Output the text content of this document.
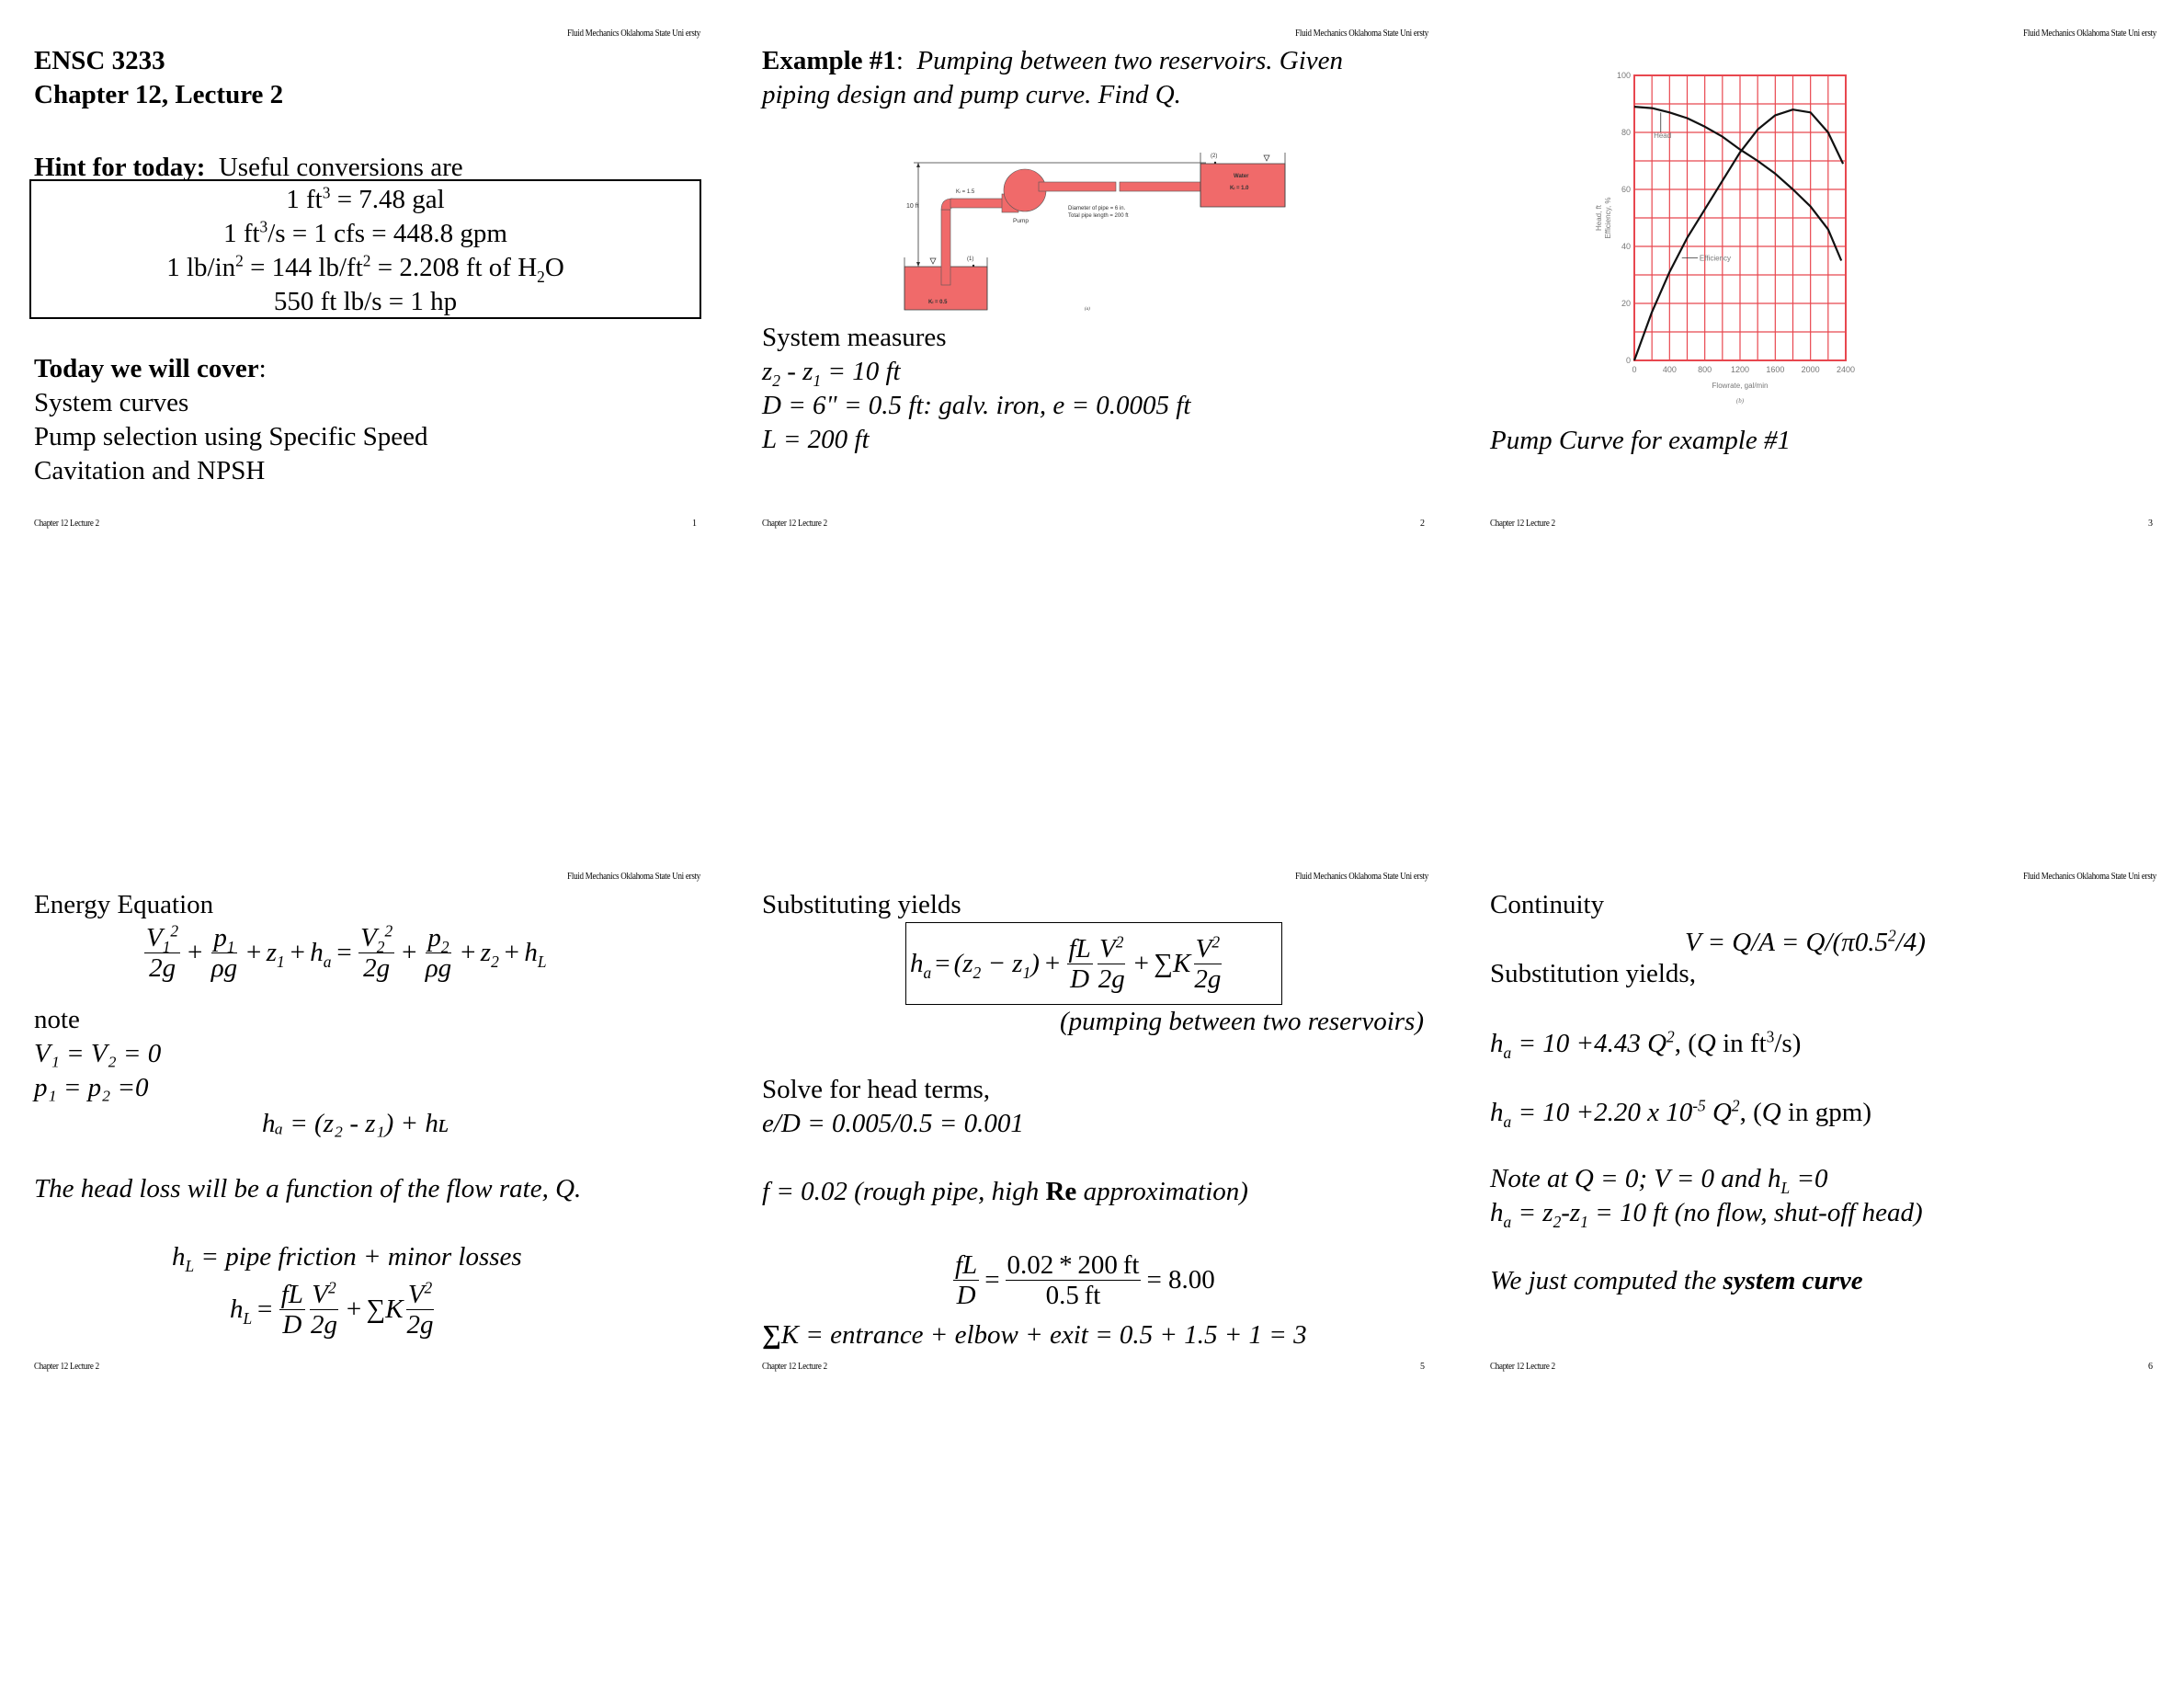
Fluid Mechanics Oklahoma State Uni ersty
ENSC 3233
Chapter 12, Lecture 2
Hint for today: Useful conversions are
1 $ft^3 = 7.48$ gal
1 $ft^3/s = 1$ cfs = 448.8 gpm
1 $lb/in^2 = 144$ $lb/ft^2 = 2.208$ ft of $H_2O$
550 ft lb/s = 1 hp
Today we will cover:
System curves
Pump selection using Specific Speed
Cavitation and NPSH
Chapter 12 Lecture 2	1
Fluid Mechanics Oklahoma State Uni ersty
Example #1: Pumping between two reservoirs. Given
piping design and pump curve. Find Q.
10 ft
(1)
Kₗ = 0.5
Kₗ = 1.5
Pump
Diameter of pipe = 6 in.
Total pipe length = 200 ft
(2)
Water
Kₗ = 1.0
(a)
System measures
$z_2 - z_1 = 10$ ft
D = 6" = 0.5 ft: galv. iron, e = 0.0005 ft
L = 200 ft
Chapter 12 Lecture 2	2
Fluid Mechanics Oklahoma State Uni ersty
0	400	800 1200 1600 2000 2400
0
20
40
60
80
100
Flowrate, gal/min
(b)
Head, ft Efficiency, %
Head
Efficiency
Pump Curve for example #1
Chapter 12 Lecture 2	3
Fluid Mechanics Oklahoma State Uni ersty
Energy Equation
$\frac{V_1^2}{2g} + \frac{p_1}{\rho g} + z_1 + h_a = \frac{V_2^2}{2g} + \frac{p_2}{\rho g} + z_2 + h_L$
note
V₁ = V₂ = 0
p₁ = p₂ =0
hₐ = (z₂ - z₁) + hʟ
The head loss will be a function of the flow rate, Q.
$h_L$ = pipe friction + minor losses
$h_L = \frac{fL}{D} \frac{V^2}{2g}$ + ∑ K $\frac{V^2}{2g}$
Chapter 12 Lecture 2
Fluid Mechanics Oklahoma State Uni ersty
Substituting yields
$h_a = (z_2 - z_1) + \frac{fL}{D} \frac{V^2}{2g}$ + ∑ K $\frac{V^2}{2g}$
(pumping between two reservoirs)
Solve for head terms,
e/D = 0.005/0.5 = 0.001
f = 0.02 (rough pipe, high Re approximation)
$\frac{fL}{D} = \frac{0.02 * 200 ft}{0.5 ft} = 8.00$
∑K = entrance + elbow + exit = 0.5 + 1.5 + 1 = 3
Chapter 12 Lecture 2	5
Fluid Mechanics Oklahoma State Uni ersty
Continuity
$V = Q/A = Q/(\pi 0.5^2/4)$
Substitution yields,
$h_a = 10 +4.43$ $Q^2$, (Q in $ft^3/s$)
$h_a = 10 +2.20$ x $10^{-5}$ $Q^2$, (Q in gpm)
Note at Q = 0; V = 0 and $h_L =0$
$h_a = z_2-z_1 = 10$ ft (no flow, shut-off head)
We just computed the system curve
Chapter 12 Lecture 2	6
